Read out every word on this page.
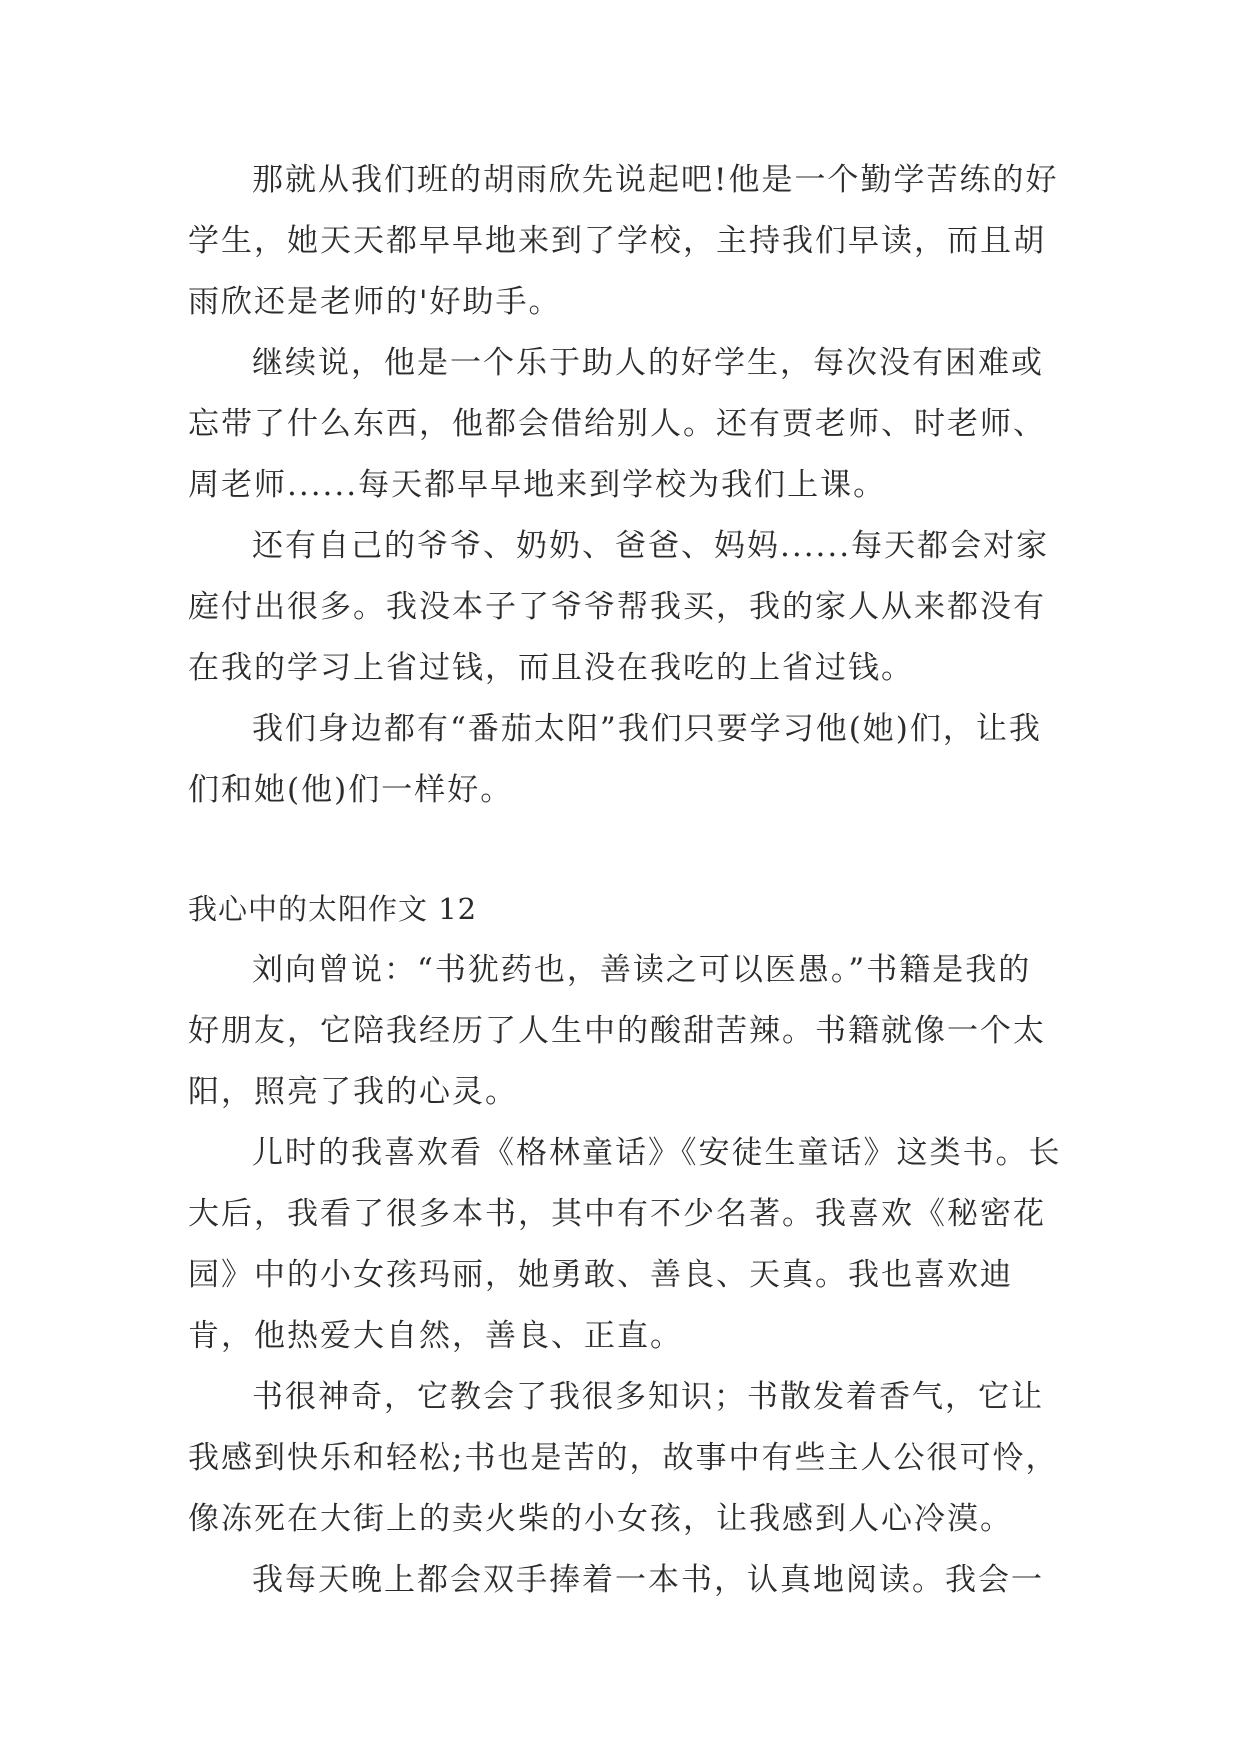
那就从我们班的胡雨欣先说起吧!他是一个勤学苦练的好学生，她天天都早早地来到了学校，主持我们早读，而且胡雨欣还是老师的'好助手。

继续说，他是一个乐于助人的好学生，每次没有困难或忘带了什么东西，他都会借给别人。还有贾老师、时老师、周老师......每天都早早地来到学校为我们上课。

还有自己的爷爷、奶奶、爸爸、妈妈......每天都会对家庭付出很多。我没本子了爷爷帮我买，我的家人从来都没有在我的学习上省过钱，而且没在我吃的上省过钱。

我们身边都有“番茄太阳”我们只要学习他(她)们，让我们和她(他)们一样好。

我心中的太阳作文 12

刘向曾说：“书犹药也，善读之可以医愚。”书籍是我的好朋友，它陪我经历了人生中的酸甜苦辣。书籍就像一个太阳，照亮了我的心灵。

儿时的我喜欢看《格林童话》《安徒生童话》这类书。长大后，我看了很多本书，其中有不少名著。我喜欢《秘密花园》中的小女孩玛丽，她勇敢、善良、天真。我也喜欢迪肯，他热爱大自然，善良、正直。

书很神奇，它教会了我很多知识；书散发着香气，它让我感到快乐和轻松;书也是苦的，故事中有些主人公很可怜，像冻死在大街上的卖火柴的小女孩，让我感到人心冷漠。

我每天晚上都会双手捧着一本书，认真地阅读。我会一
